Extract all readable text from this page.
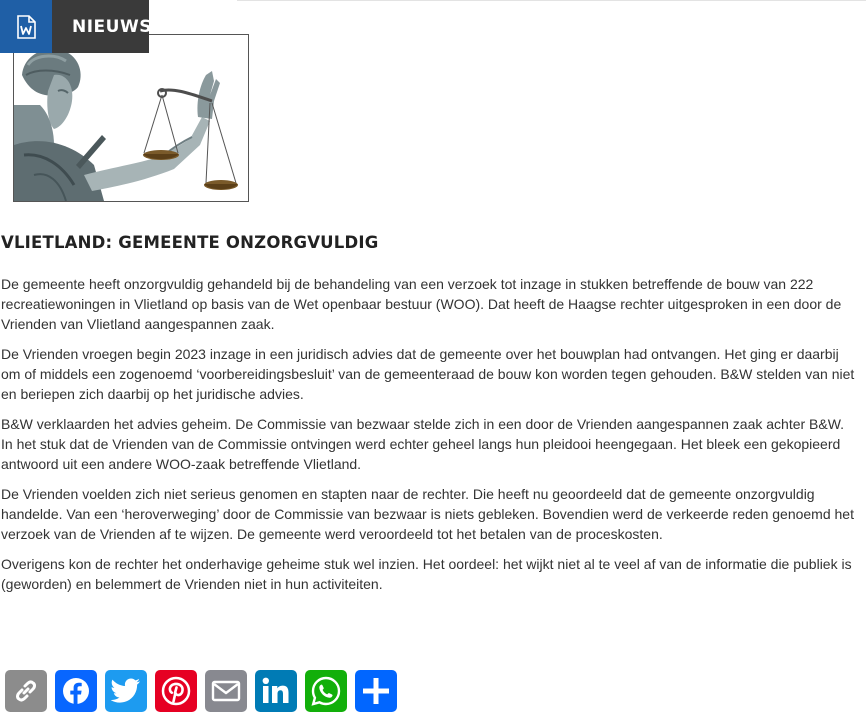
NIEUWS
VLIETLAND: GEMEENTE ONZORGVULDIG

De gemeente heeft onzorgvuldig gehandeld bij de behandeling van een verzoek tot inzage in stukken betreffende de bouw van 222 recreatiewoningen in Vlietland op basis van de Wet openbaar bestuur (WOO). Dat heeft de Haagse rechter uitgesproken in een door de Vrienden van Vlietland aangespannen zaak.

De Vrienden vroegen begin 2023 inzage in een juridisch advies dat de gemeente over het bouwplan had ontvangen. Het ging er daarbij om of middels een zogenoemd ‘voorbereidingsbesluit’ van de gemeenteraad de bouw kon worden tegen gehouden. B&W stelden van niet en beriepen zich daarbij op het juridische advies.

B&W verklaarden het advies geheim. De Commissie van bezwaar stelde zich in een door de Vrienden aangespannen zaak achter B&W. In het stuk dat de Vrienden van de Commissie ontvingen werd echter geheel langs hun pleidooi heengegaan. Het bleek een gekopieerd antwoord uit een andere WOO-zaak betreffende Vlietland.

De Vrienden voelden zich niet serieus genomen en stapten naar de rechter. Die heeft nu geoordeeld dat de gemeente onzorgvuldig handelde. Van een ‘heroverweging’ door de Commissie van bezwaar is niets gebleken. Bovendien werd de verkeerde reden genoemd het verzoek van de Vrienden af te wijzen. De gemeente werd veroordeeld tot het betalen van de proceskosten.

Overigens kon de rechter het onderhavige geheime stuk wel inzien. Het oordeel: het wijkt niet al te veel af van de informatie die publiek is (geworden) en belemmert de Vrienden niet in hun activiteiten.
